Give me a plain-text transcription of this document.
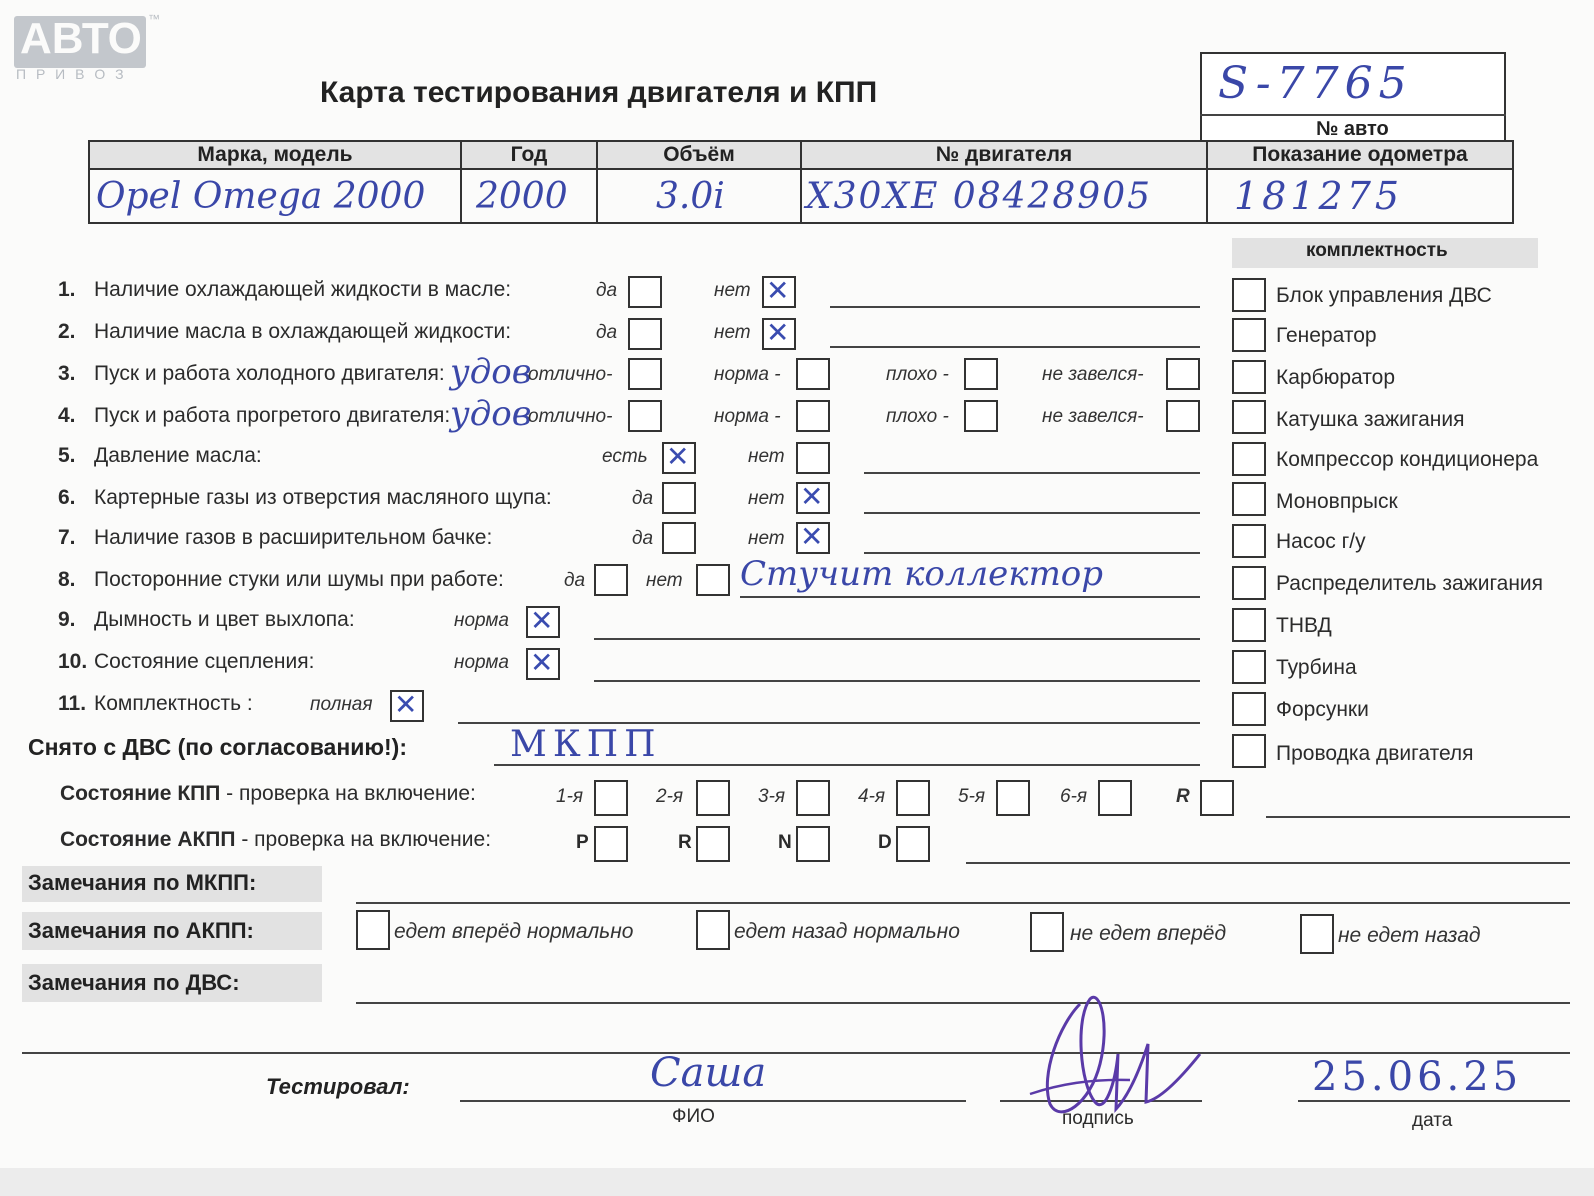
АВТО
П Р И В О З
™
Карта тестирования двигателя и КПП	S-7765
№ авто
Марка, модель	Год	Объём	№ двигателя	Показание одометра
Opel Omega 2000	2000	3.0i	X30XE 08428905	181275
1. Наличие охлаждающей жидкости в масле:	да	нет ✕
2. Наличие масла в охлаждающей жидкости:	да	нет ✕
3. Пуск и работа холодного двигателя: удов
отлично-	норма -	плохо -	не завелся-
4. Пуск и работа прогретого двигателя: удов
отлично-	норма -	плохо -	не завелся-
5. Давление масла:	есть ✕	нет
6. Картерные газы из отверстия масляного щупа:	да	нет ✕
7. Наличие газов в расширительном бачке:	да	нет ✕
8. Посторонние стуки или шумы при работе:	да	нет Стучит коллектор
9. Дымность и цвет выхлопа:	норма ✕
10. Состояние сцепления:	норма ✕
11. Комплектность :	полная ✕
Снято с ДВС (по согласованию!):	МКПП
Состояние КПП - проверка на включение:	1-я	2-я	3-я	4-я	5-я	6-я	R
Состояние АКПП - проверка на включение:	P	R	N	D
Замечания по МКПП:
Замечания по АКПП:	едет вперёд нормально	едет назад нормально	не едет вперёд	не едет назад
Замечания по ДВС:
Тестировал:	Саша
ФИО	подпись
25.06.25
дата
комплектность
Блок управления ДВС
Генератор
Карбюратор
Катушка зажигания
Компрессор кондиционера
Моновпрыск
Насос г/у
Распределитель зажигания
ТНВД
Турбина
Форсунки
Проводка двигателя
